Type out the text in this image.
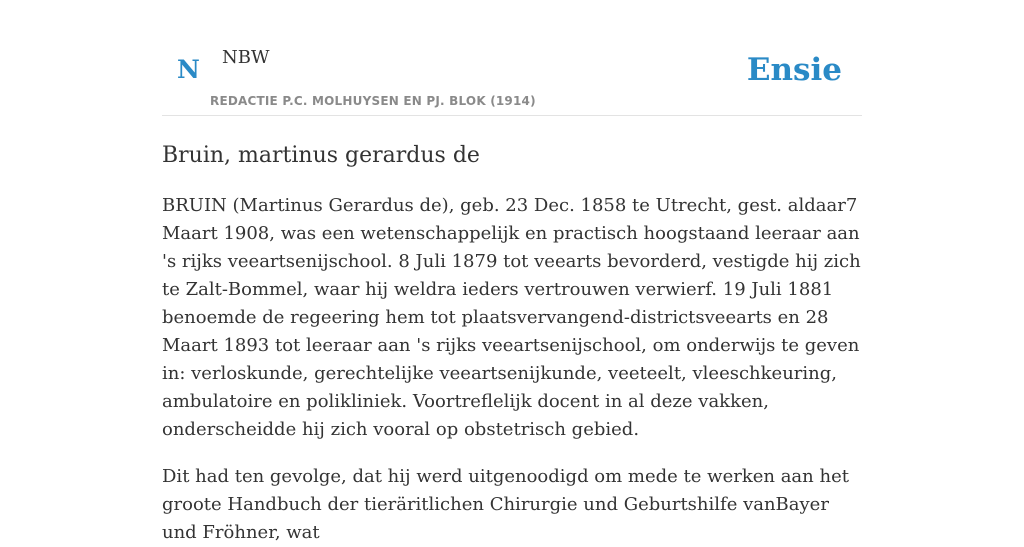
N NBW
REDACTIE P.C. MOLHUYSEN EN PJ. BLOK (1914)
Ensie
Bruin, martinus gerardus de

BRUIN (Martinus Gerardus de), geb. 23 Dec. 1858 te Utrecht, gest. aldaar7 Maart 1908, was een wetenschappelijk en practisch hoogstaand leeraar aan 's rijks veeartsenijschool. 8 Juli 1879 tot veearts bevorderd, vestigde hij zich te Zalt-Bommel, waar hij weldra ieders vertrouwen verwierf. 19 Juli 1881 benoemde de regeering hem tot plaatsvervangend-districtsveearts en 28 Maart 1893 tot leeraar aan 's rijks veeartsenijschool, om onderwijs te geven in: verloskunde, gerechtelijke veeartsenijkunde, veeteelt, vleeschkeuring, ambulatoire en polikliniek. Voortreflelijk docent in al deze vakken, onderscheidde hij zich vooral op obstetrisch gebied.

Dit had ten gevolge, dat hij werd uitgenoodigd om mede te werken aan het groote Handbuch der tieräritlichen Chirurgie und Geburtshilfe vanBayer und Fröhner, wat
